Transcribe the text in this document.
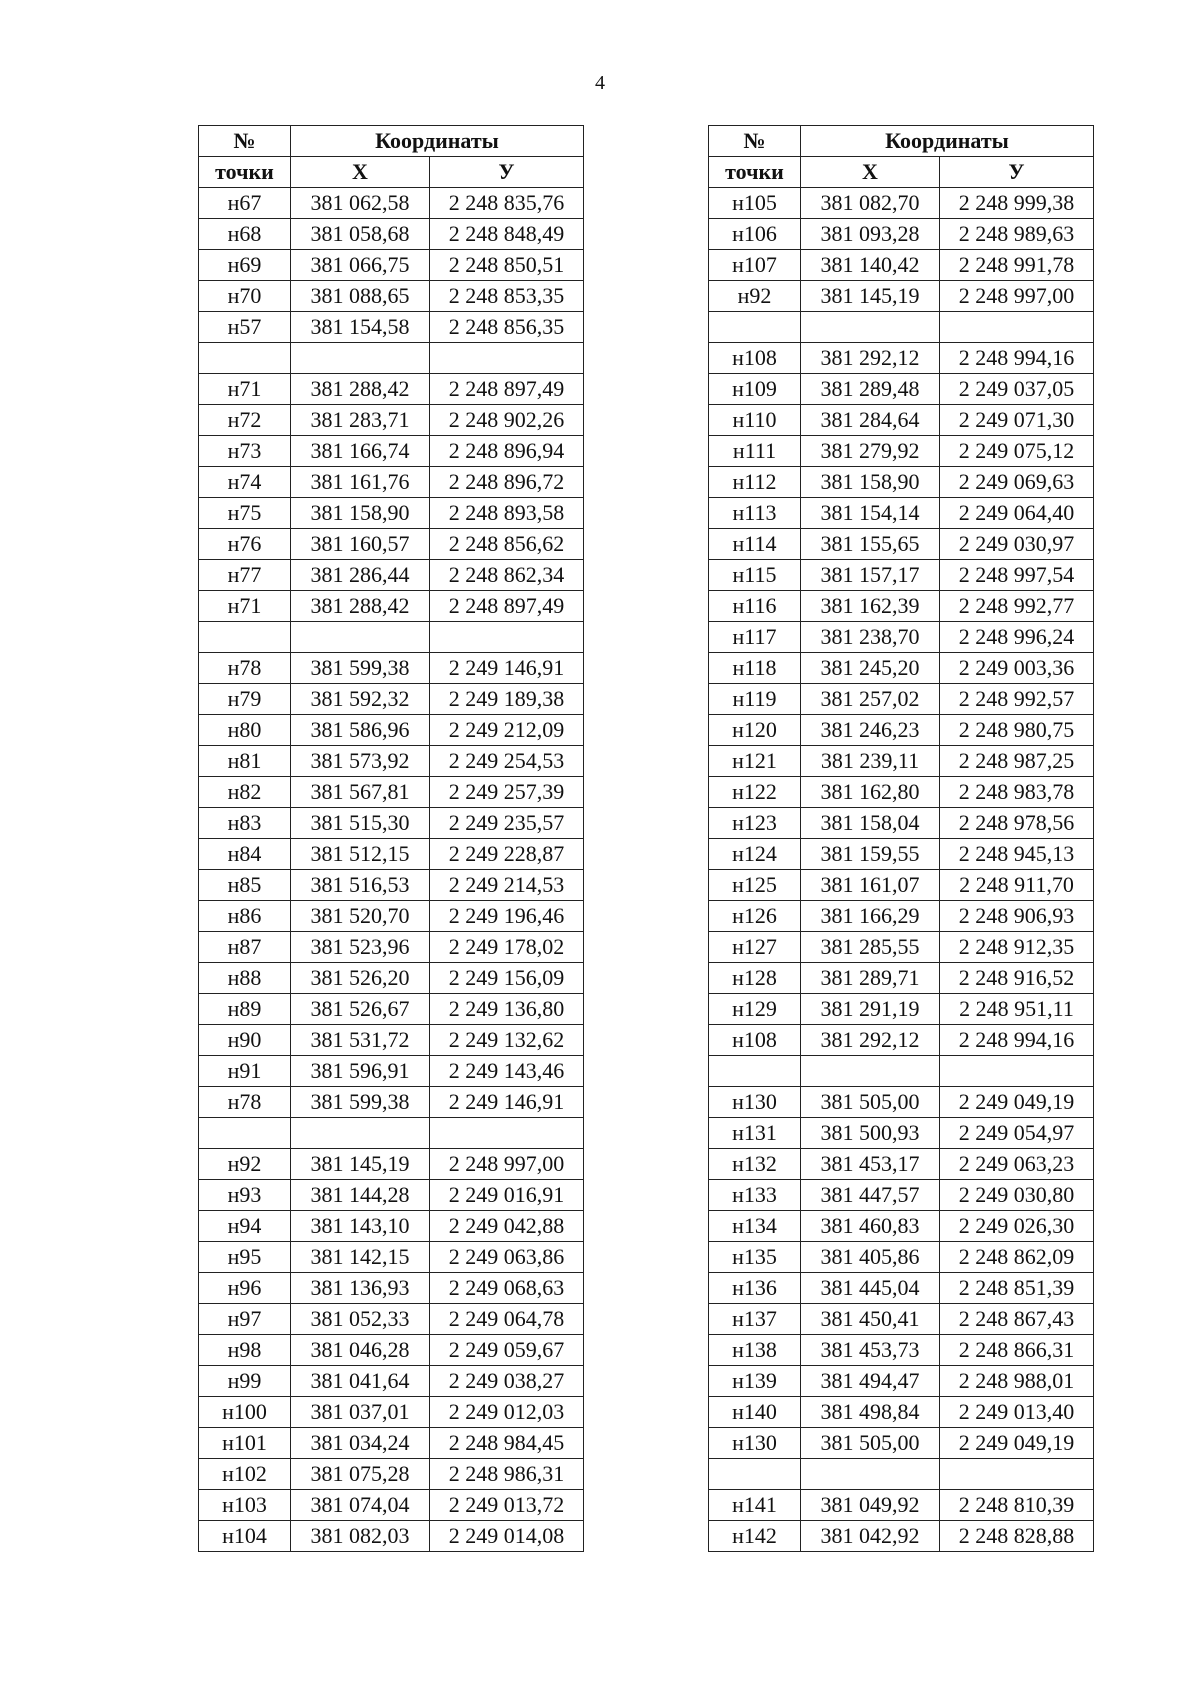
4
№	Координаты	
точки	X	У
н67	381 062,58	2 248 835,76
н68	381 058,68	2 248 848,49
н69	381 066,75	2 248 850,51
н70	381 088,65	2 248 853,35
н57	381 154,58	2 248 856,35

н71	381 288,42	2 248 897,49
н72	381 283,71	2 248 902,26
н73	381 166,74	2 248 896,94
н74	381 161,76	2 248 896,72
н75	381 158,90	2 248 893,58
н76	381 160,57	2 248 856,62
н77	381 286,44	2 248 862,34
н71	381 288,42	2 248 897,49

н78	381 599,38	2 249 146,91
н79	381 592,32	2 249 189,38
н80	381 586,96	2 249 212,09
н81	381 573,92	2 249 254,53
н82	381 567,81	2 249 257,39
н83	381 515,30	2 249 235,57
н84	381 512,15	2 249 228,87
н85	381 516,53	2 249 214,53
н86	381 520,70	2 249 196,46
н87	381 523,96	2 249 178,02
н88	381 526,20	2 249 156,09
н89	381 526,67	2 249 136,80
н90	381 531,72	2 249 132,62
н91	381 596,91	2 249 143,46
н78	381 599,38	2 249 146,91

н92	381 145,19	2 248 997,00
н93	381 144,28	2 249 016,91
н94	381 143,10	2 249 042,88
н95	381 142,15	2 249 063,86
н96	381 136,93	2 249 068,63
н97	381 052,33	2 249 064,78
н98	381 046,28	2 249 059,67
н99	381 041,64	2 249 038,27
н100	381 037,01	2 249 012,03
н101	381 034,24	2 248 984,45
н102	381 075,28	2 248 986,31
н103	381 074,04	2 249 013,72
н104	381 082,03	2 249 014,08
№	Координаты	
точки	X	У
н105	381 082,70	2 248 999,38
н106	381 093,28	2 248 989,63
н107	381 140,42	2 248 991,78
н92	381 145,19	2 248 997,00

н108	381 292,12	2 248 994,16
н109	381 289,48	2 249 037,05
н110	381 284,64	2 249 071,30
н111	381 279,92	2 249 075,12
н112	381 158,90	2 249 069,63
н113	381 154,14	2 249 064,40
н114	381 155,65	2 249 030,97
н115	381 157,17	2 248 997,54
н116	381 162,39	2 248 992,77
н117	381 238,70	2 248 996,24
н118	381 245,20	2 249 003,36
н119	381 257,02	2 248 992,57
н120	381 246,23	2 248 980,75
н121	381 239,11	2 248 987,25
н122	381 162,80	2 248 983,78
н123	381 158,04	2 248 978,56
н124	381 159,55	2 248 945,13
н125	381 161,07	2 248 911,70
н126	381 166,29	2 248 906,93
н127	381 285,55	2 248 912,35
н128	381 289,71	2 248 916,52
н129	381 291,19	2 248 951,11
н108	381 292,12	2 248 994,16

н130	381 505,00	2 249 049,19
н131	381 500,93	2 249 054,97
н132	381 453,17	2 249 063,23
н133	381 447,57	2 249 030,80
н134	381 460,83	2 249 026,30
н135	381 405,86	2 248 862,09
н136	381 445,04	2 248 851,39
н137	381 450,41	2 248 867,43
н138	381 453,73	2 248 866,31
н139	381 494,47	2 248 988,01
н140	381 498,84	2 249 013,40
н130	381 505,00	2 249 049,19

н141	381 049,92	2 248 810,39
н142	381 042,92	2 248 828,88
